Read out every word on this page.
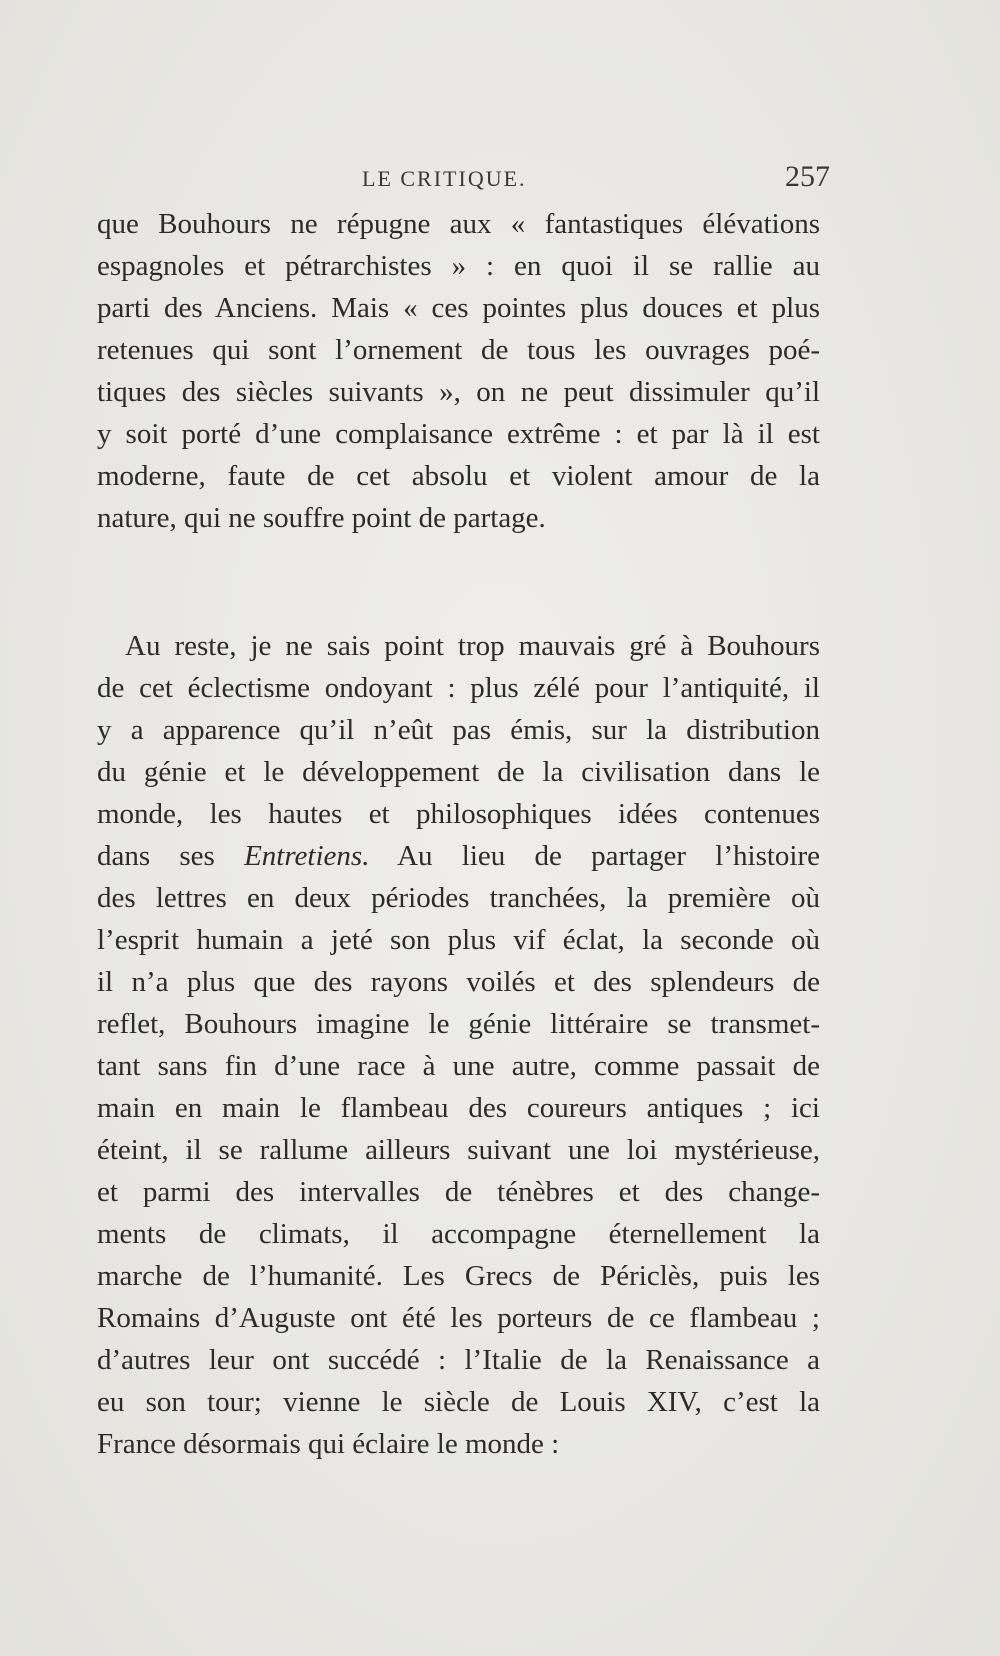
LE CRITIQUE.	257
que Bouhours ne répugne aux « fantastiques élévations
espagnoles et pétrarchistes » : en quoi il se rallie au
parti des Anciens. Mais « ces pointes plus douces et plus
retenues qui sont l’ornement de tous les ouvrages poé-
tiques des siècles suivants », on ne peut dissimuler qu’il
y soit porté d’une complaisance extrême : et par là il est
moderne, faute de cet absolu et violent amour de la
nature, qui ne souffre point de partage.
Au reste, je ne sais point trop mauvais gré à Bouhours
de cet éclectisme ondoyant : plus zélé pour l’antiquité, il
y a apparence qu’il n’eût pas émis, sur la distribution
du génie et le développement de la civilisation dans le
monde, les hautes et philosophiques idées contenues
dans ses Entretiens. Au lieu de partager l’histoire
des lettres en deux périodes tranchées, la première où
l’esprit humain a jeté son plus vif éclat, la seconde où
il n’a plus que des rayons voilés et des splendeurs de
reflet, Bouhours imagine le génie littéraire se transmet-
tant sans fin d’une race à une autre, comme passait de
main en main le flambeau des coureurs antiques ; ici
éteint, il se rallume ailleurs suivant une loi mystérieuse,
et parmi des intervalles de ténèbres et des change-
ments de climats, il accompagne éternellement la
marche de l’humanité. Les Grecs de Périclès, puis les
Romains d’Auguste ont été les porteurs de ce flambeau ;
d’autres leur ont succédé : l’Italie de la Renaissance a
eu son tour; vienne le siècle de Louis XIV, c’est la
France désormais qui éclaire le monde :
